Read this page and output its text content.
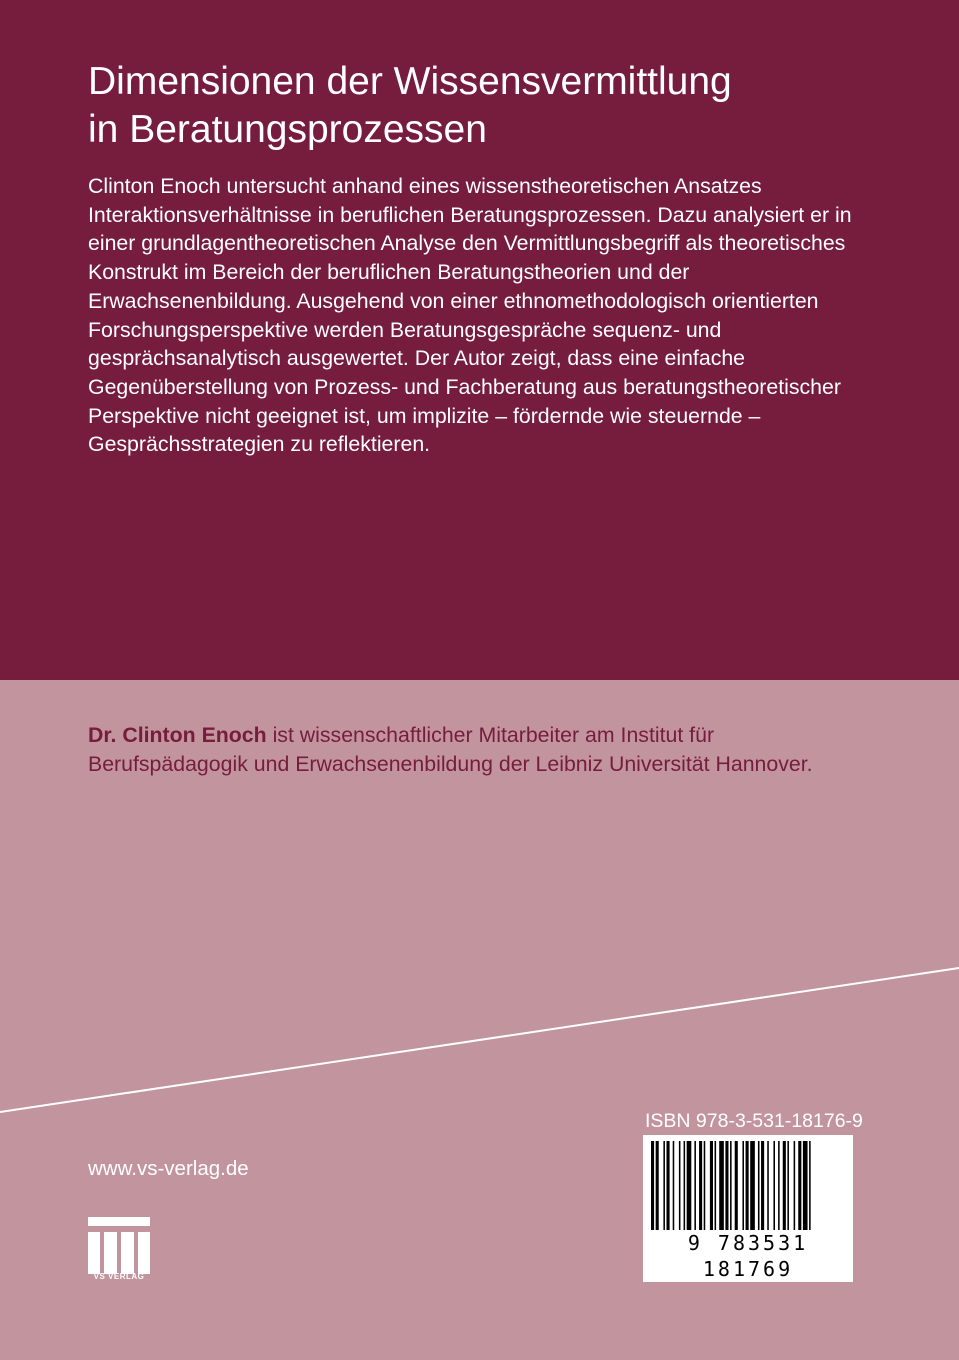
Dimensionen der Wissensvermittlung
in Beratungsprozessen

Clinton Enoch untersucht anhand eines wissenstheoretischen Ansatzes Interaktionsverhältnisse in beruflichen Beratungsprozessen. Dazu analysiert er in einer grundlagentheoretischen Analyse den Vermittlungsbegriff als theoretisches Konstrukt im Bereich der beruflichen Beratungstheorien und der Erwachsenenbildung. Ausgehend von einer ethnomethodologisch orientierten Forschungsperspektive werden Beratungsgespräche sequenz- und gesprächsanalytisch ausgewertet. Der Autor zeigt, dass eine einfache Gegenüberstellung von Prozess- und Fachberatung aus beratungstheoretischer Perspektive nicht geeignet ist, um implizite – fördernde wie steuernde – Gesprächsstrategien zu reflektieren.

Dr. Clinton Enoch ist wissenschaftlicher Mitarbeiter am Institut für Berufspädagogik und Erwachsenenbildung der Leibniz Universität Hannover.

ISBN 978-3-531-18176-9
9 783531 181769
www.vs-verlag.de
VS VERLAG
